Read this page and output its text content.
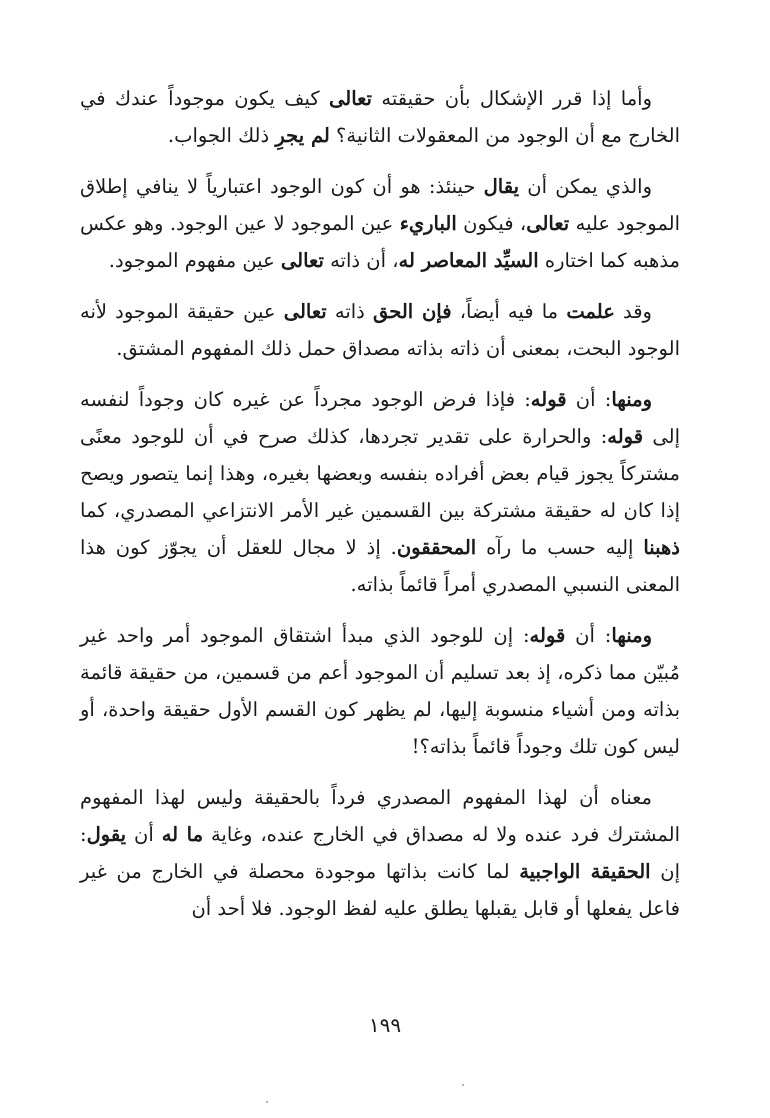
وأما إذا قرر الإشكال بأن حقيقته تعالى كيف يكون موجوداً عندك في الخارج مع أن الوجود من المعقولات الثانية؟ لم يجرِ ذلك الجواب.

والذي يمكن أن يقال حينئذ: هو أن كون الوجود اعتبارياً لا ينافي إطلاق الموجود عليه تعالى، فيكون الباريء عين الموجود لا عين الوجود. وهو عكس مذهبه كما اختاره السيِّد المعاصر له، أن ذاته تعالى عين مفهوم الموجود.

وقد علمت ما فيه أيضاً، فإن الحق ذاته تعالى عين حقيقة الموجود لأنه الوجود البحت، بمعنى أن ذاته بذاته مصداق حمل ذلك المفهوم المشتق.

ومنها: أن قوله: فإذا فرض الوجود مجرداً عن غيره كان وجوداً لنفسه إلى قوله: والحرارة على تقدير تجردها، كذلك صرح في أن للوجود معنًى مشتركاً يجوز قيام بعض أفراده بنفسه وبعضها بغيره، وهذا إنما يتصور ويصح إذا كان له حقيقة مشتركة بين القسمين غير الأمر الانتزاعي المصدري، كما ذهبنا إليه حسب ما رآه المحققون. إذ لا مجال للعقل أن يجوّز كون هذا المعنى النسبي المصدري أمراً قائماً بذاته.

ومنها: أن قوله: إن للوجود الذي مبدأ اشتقاق الموجود أمر واحد غير مُبيّن مما ذكره، إذ بعد تسليم أن الموجود أعم من قسمين، من حقيقة قائمة بذاته ومن أشياء منسوبة إليها، لم يظهر كون القسم الأول حقيقة واحدة، أو ليس كون تلك وجوداً قائماً بذاته؟!

معناه أن لهذا المفهوم المصدري فرداً بالحقيقة وليس لهذا المفهوم المشترك فرد عنده ولا له مصداق في الخارج عنده، وغاية ما له أن يقول: إن الحقيقة الواجبية لما كانت بذاتها موجودة محصلة في الخارج من غير فاعل يفعلها أو قابل يقبلها يطلق عليه لفظ الوجود. فلا أحد أن

١٩٩
